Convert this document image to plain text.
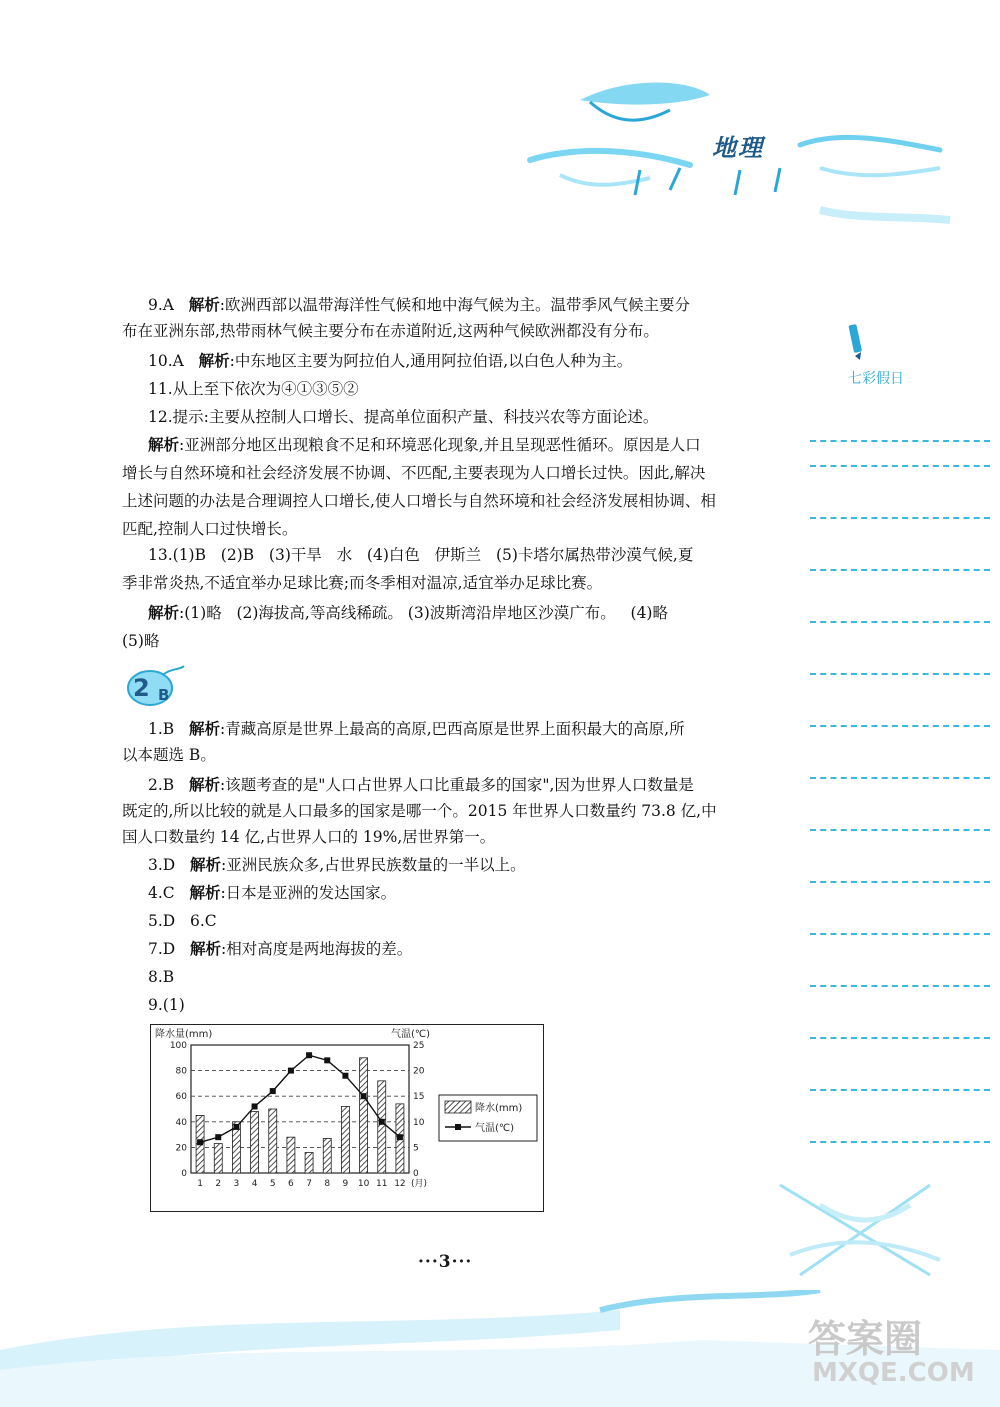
地理
七彩假日
9.A 解析:欧洲西部以温带海洋性气候和地中海气候为主。温带季风气候主要分
布在亚洲东部,热带雨林气候主要分布在赤道附近,这两种气候欧洲都没有分布。
10.A 解析:中东地区主要为阿拉伯人,通用阿拉伯语,以白色人种为主。
11.从上至下依次为④①③⑤②
12.提示:主要从控制人口增长、提高单位面积产量、科技兴农等方面论述。
解析:亚洲部分地区出现粮食不足和环境恶化现象,并且呈现恶性循环。原因是人口
增长与自然环境和社会经济发展不协调、不匹配,主要表现为人口增长过快。因此,解决
上述问题的办法是合理调控人口增长,使人口增长与自然环境和社会经济发展相协调、相
匹配,控制人口过快增长。
13.(1)B   (2)B   (3)干旱   水   (4)白色   伊斯兰   (5)卡塔尔属热带沙漠气候,夏
季非常炎热,不适宜举办足球比赛;而冬季相对温凉,适宜举办足球比赛。
解析:(1)略   (2)海拔高,等高线稀疏。 (3)波斯湾沿岸地区沙漠广布。   (4)略
(5)略
2 B
1.B 解析:青藏高原是世界上最高的高原,巴西高原是世界上面积最大的高原,所
以本题选 B。
2.B 解析:该题考查的是"人口占世界人口比重最多的国家",因为世界人口数量是
既定的,所以比较的就是人口最多的国家是哪一个。2015 年世界人口数量约 73.8 亿,中
国人口数量约 14 亿,占世界人口的 19%,居世界第一。
3.D 解析:亚洲民族众多,占世界民族数量的一半以上。
4.C 解析:日本是亚洲的发达国家。
5.D   6.C
7.D 解析:相对高度是两地海拔的差。
8.B
9.(1)
降水量(mm)	气温(℃)
0
20
40
60
80
100
0
5
10
15
20
25
1 2 3 4 5 6 7 8 9 10 11 12 (月)
降水(mm)
气温(℃)
···3···
答案圈
MXQE.COM
